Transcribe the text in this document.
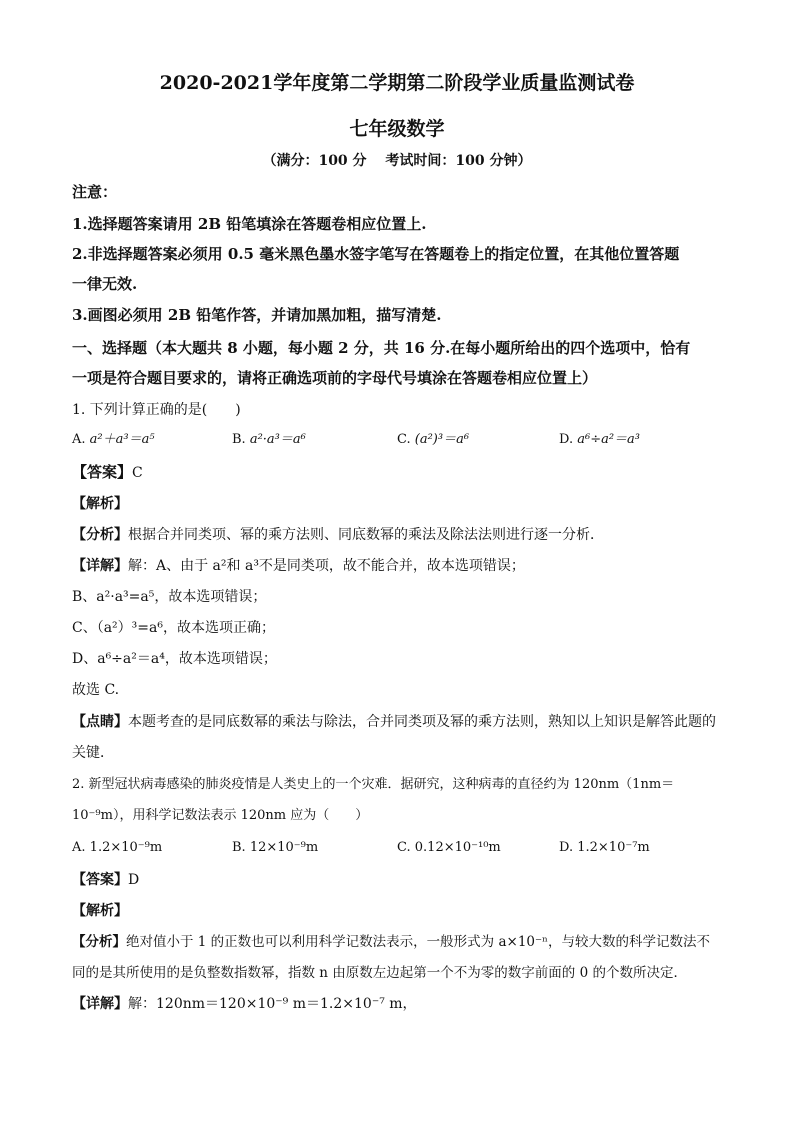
2020-2021学年度第二学期第二阶段学业质量监测试卷
七年级数学
（满分：100 分　 考试时间：100 分钟）
注意：
1.选择题答案请用 2B 铅笔填涂在答题卷相应位置上.
2.非选择题答案必须用 0.5 毫米黑色墨水签字笔写在答题卷上的指定位置，在其他位置答题
一律无效.
3.画图必须用 2B 铅笔作答，并请加黑加粗，描写清楚.
一、选择题（本大题共 8 小题，每小题 2 分，共 16 分.在每小题所给出的四个选项中，恰有
一项是符合题目要求的，请将正确选项前的字母代号填涂在答题卷相应位置上）
1. 下列计算正确的是(　　)
A. a²＋a³＝a⁵	B. a²·a³＝a⁶	C. (a²)³＝a⁶	D. a⁶÷a²＝a³
【答案】C
【解析】
【分析】根据合并同类项、幂的乘方法则、同底数幂的乘法及除法法则进行逐一分析．
【详解】解：A、由于 a²和 a³不是同类项，故不能合并，故本选项错误；
B、a²·a³=a⁵，故本选项错误；
C、（a²）³=a⁶，故本选项正确；
D、a⁶÷a²＝a⁴，故本选项错误；
故选 C.
【点睛】本题考查的是同底数幂的乘法与除法，合并同类项及幂的乘方法则，熟知以上知识是解答此题的
关键．
2. 新型冠状病毒感染的肺炎疫情是人类史上的一个灾难．据研究，这种病毒的直径约为 120nm（1nm＝
10⁻⁹m），用科学记数法表示 120nm 应为（　　）
A. 1.2×10⁻⁹m	B. 12×10⁻⁹m	C. 0.12×10⁻¹⁰m	D. 1.2×10⁻⁷m
【答案】D
【解析】
【分析】绝对值小于 1 的正数也可以利用科学记数法表示，一般形式为 a×10⁻ⁿ，与较大数的科学记数法不
同的是其所使用的是负整数指数幂，指数 n 由原数左边起第一个不为零的数字前面的 0 的个数所决定．
【详解】解：120nm＝120×10⁻⁹ m＝1.2×10⁻⁷ m，
